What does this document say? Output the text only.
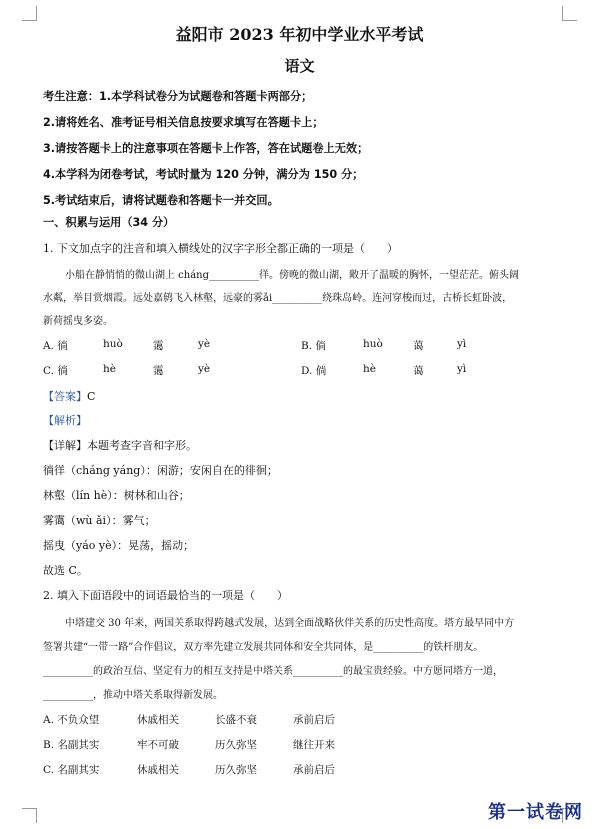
益阳市 2023 年初中学业水平考试
语文
考生注意：1.本学科试卷分为试题卷和答题卡两部分；
2.请将姓名、准考证号相关信息按要求填写在答题卡上；
3.请按答题卡上的注意事项在答题卡上作答，答在试题卷上无效；
4.本学科为闭卷考试，考试时量为 120 分钟，满分为 150 分；
5.考试结束后，请将试题卷和答题卡一并交回。
一、积累与运用（34 分）
1. 下文加点字的注音和填入横线处的汉字字形全都正确的一项是（　　）
小船在静悄悄的微山湖上 cháng__________徉。傍晚的微山湖，敞开了温暖的胸怀，一望茫茫。俯头阔
水粼，举目赏烟霞。远处嘉鸫飞入林壑，远豪的雾ǎi__________绕珠岛岭。连河穿梭而过，古桥长虹卧波，
新荷摇曳多姿。
A. 徜	huò	霭	yè	B. 倘	huò	蔼	yì
C. 徜	hè	霭	yè	D. 倘	hè	蔼	yì
【答案】C
【解析】
【详解】本题考查字音和字形。
徜徉（cháng yáng）：闲游；安闲自在的徘徊；
林壑（lín hè）：树林和山谷；
雾霭（wù ǎi）：雾气；
摇曳（yáo yè）：晃荡，摇动；
故选 C。
2. 填入下面语段中的词语最恰当的一项是（　　）
中塔建交 30 年来，两国关系取得跨越式发展，达到全面战略伙伴关系的历史性高度。塔方最早同中方
签署共建“一带一路”合作倡议，双方率先建立发展共同体和安全共同体，是__________的铁杆朋友。
__________的政治互信、坚定有力的相互支持是中塔关系__________的最宝贵经验。中方愿同塔方一道，
__________，推动中塔关系取得新发展。
A. 不负众望	休戚相关	长盛不衰	承前启后
B. 名副其实	牢不可破	历久弥坚	继往开来
C. 名副其实	休戚相关	历久弥坚	承前启后
第一试卷网
